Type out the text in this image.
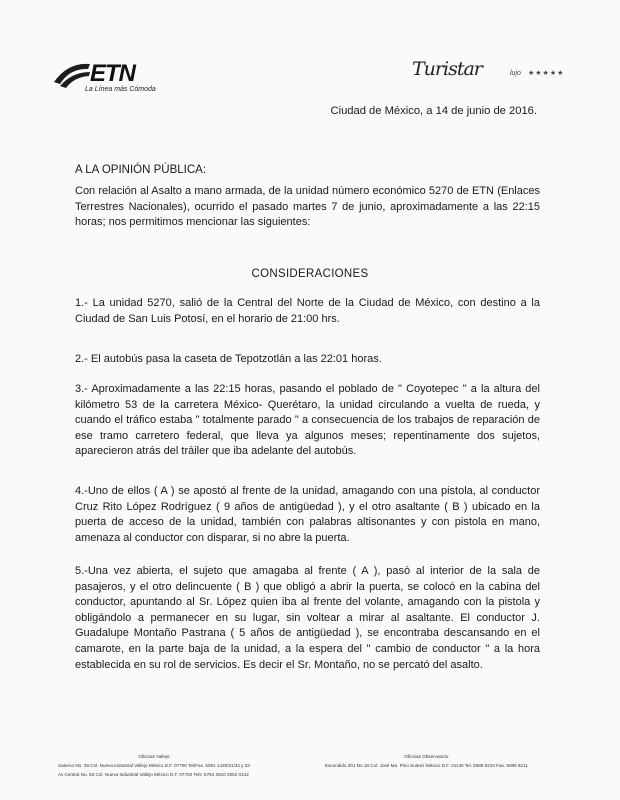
ETN
La Línea más Cómoda
Turistar	lujo ★★★★★
Ciudad de México, a 14 de junio de 2016.
A LA OPINIÓN PÚBLICA:
Con relación al Asalto a mano armada, de la unidad número económico 5270 de ETN (Enlaces Terrestres Nacionales), ocurrido el pasado martes 7 de junio, aproximadamente a las 22:15 horas; nos permitimos mencionar las siguientes:
CONSIDERACIONES
1.- La unidad 5270, salió de la Central del Norte de la Ciudad de México, con destino a la Ciudad de San Luis Potosí, en el horario de 21:00 hrs.
2.- El autobús pasa la caseta de Tepotzotlán a las 22:01 horas.
3.- Aproximadamente a las 22:15 horas, pasando el poblado de " Coyotepec " a la altura del kilómetro 53 de la carretera México- Querétaro, la unidad circulando a vuelta de rueda, y cuando el tráfico estaba " totalmente parado " a consecuencia de los trabajos de reparación de ese tramo carretero federal, que lleva ya algunos meses; repentinamente dos sujetos, aparecieron atrás del tráiler que iba adelante del autobús.
4.-Uno de ellos ( A ) se apostó al frente de la unidad, amagando con una pistola, al conductor Cruz Rito López Rodríguez ( 9 años de antigüedad ), y el otro asaltante ( B ) ubicado en la puerta de acceso de la unidad, también con palabras altisonantes y con pistola en mano, amenaza al conductor con disparar, si no abre la puerta.
5.-Una vez abierta, el sujeto que amagaba al frente ( A ), pasó al interior de la sala de pasajeros, y el otro delincuente ( B ) que obligó a abrir la puerta, se colocó en la cabina del conductor, apuntando al Sr. López quien iba al frente del volante, amagando con la pistola y obligándolo a permanecer en su lugar, sin voltear a mirar al asaltante. El conductor J. Guadalupe Montaño Pastrana ( 5 años de antigüedad ), se encontraba descansando en el camarote, en la parte baja de la unidad, a la espera del " cambio de conductor " a la hora establecida en su rol de servicios. Es decir el Sr. Montaño, no se percató del asalto.
Oficinas Vallejo
Saturno No. 39 Col. Nueva Industrial Vallejo México D.F. 07700 Tel/Fax. 5091 1430/31/32 y 33
Av Central No. 53 Col. Nueva Industrial Vallejo México D.F. 07700 Tels: 5754 2910 2062 0142
Oficinas Observatorio
Escondido 201 No.18 Col. José Ma. Pino Suárez México D.F. 01140 Tel. 5089 9210 Fax. 5089 9211
